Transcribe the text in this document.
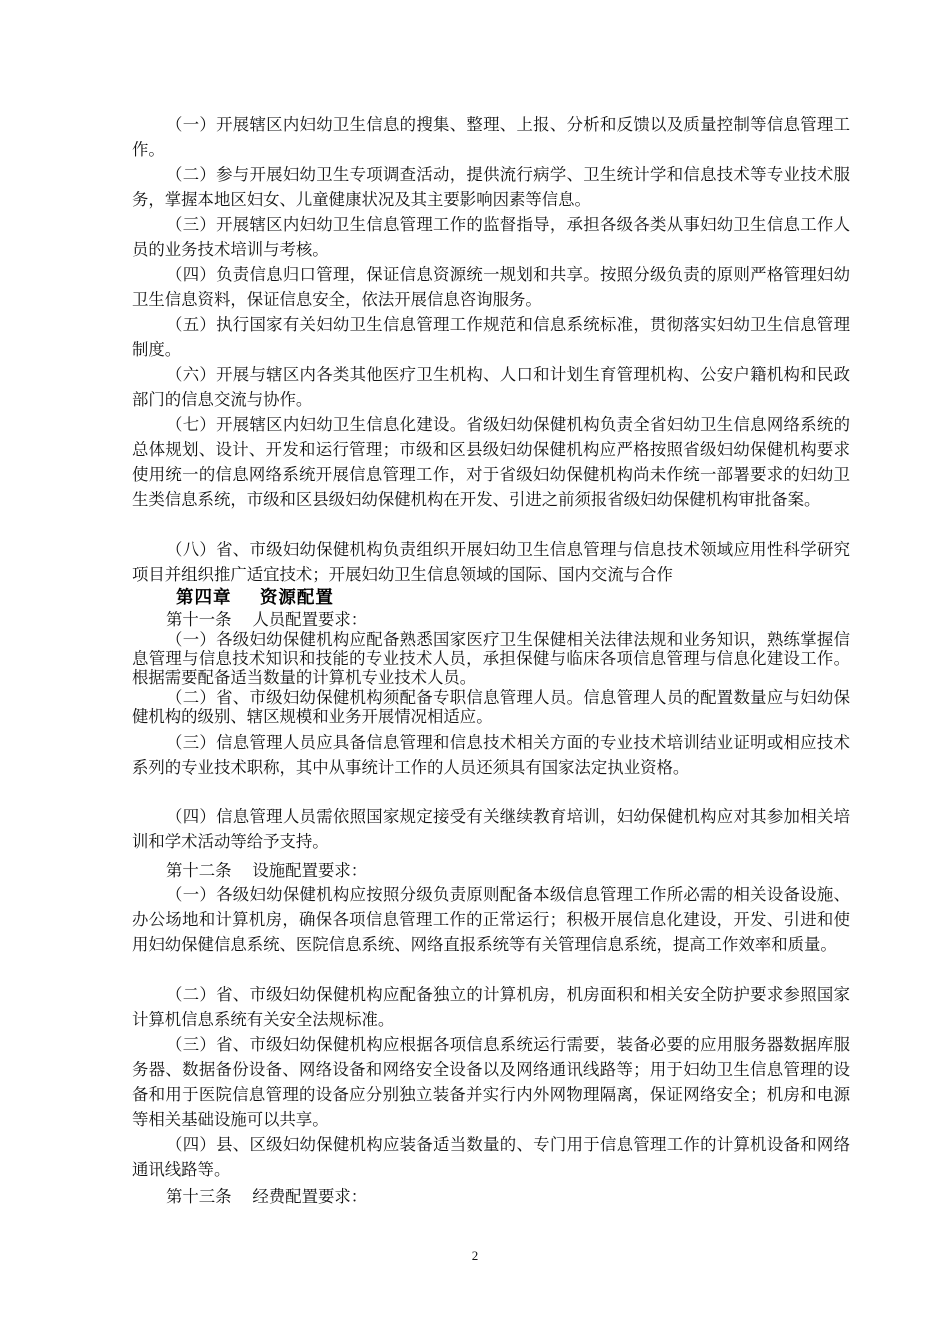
（一）开展辖区内妇幼卫生信息的搜集、整理、上报、分析和反馈以及质量控制等信息管理工作。

（二）参与开展妇幼卫生专项调查活动，提供流行病学、卫生统计学和信息技术等专业技术服务，掌握本地区妇女、儿童健康状况及其主要影响因素等信息。

（三）开展辖区内妇幼卫生信息管理工作的监督指导，承担各级各类从事妇幼卫生信息工作人员的业务技术培训与考核。

（四）负责信息归口管理，保证信息资源统一规划和共享。按照分级负责的原则严格管理妇幼卫生信息资料，保证信息安全，依法开展信息咨询服务。

（五）执行国家有关妇幼卫生信息管理工作规范和信息系统标准，贯彻落实妇幼卫生信息管理制度。

（六）开展与辖区内各类其他医疗卫生机构、人口和计划生育管理机构、公安户籍机构和民政部门的信息交流与协作。

（七）开展辖区内妇幼卫生信息化建设。省级妇幼保健机构负责全省妇幼卫生信息网络系统的总体规划、设计、开发和运行管理；市级和区县级妇幼保健机构应严格按照省级妇幼保健机构要求使用统一的信息网络系统开展信息管理工作，对于省级妇幼保健机构尚未作统一部署要求的妇幼卫生类信息系统，市级和区县级妇幼保健机构在开发、引进之前须报省级妇幼保健机构审批备案。

（八）省、市级妇幼保健机构负责组织开展妇幼卫生信息管理与信息技术领域应用性科学研究项目并组织推广适宜技术；开展妇幼卫生信息领域的国际、国内交流与合作

第四章    资源配置
第十一条    人员配置要求：

（一）各级妇幼保健机构应配备熟悉国家医疗卫生保健相关法律法规和业务知识，熟练掌握信息管理与信息技术知识和技能的专业技术人员，承担保健与临床各项信息管理与信息化建设工作。根据需要配备适当数量的计算机专业技术人员。

（二）省、市级妇幼保健机构须配备专职信息管理人员。信息管理人员的配置数量应与妇幼保健机构的级别、辖区规模和业务开展情况相适应。

（三）信息管理人员应具备信息管理和信息技术相关方面的专业技术培训结业证明或相应技术系列的专业技术职称，其中从事统计工作的人员还须具有国家法定执业资格。

（四）信息管理人员需依照国家规定接受有关继续教育培训，妇幼保健机构应对其参加相关培训和学术活动等给予支持。

第十二条    设施配置要求：

（一）各级妇幼保健机构应按照分级负责原则配备本级信息管理工作所必需的相关设备设施、办公场地和计算机房，确保各项信息管理工作的正常运行；积极开展信息化建设，开发、引进和使用妇幼保健信息系统、医院信息系统、网络直报系统等有关管理信息系统，提高工作效率和质量。

（二）省、市级妇幼保健机构应配备独立的计算机房，机房面积和相关安全防护要求参照国家计算机信息系统有关安全法规标准。

（三）省、市级妇幼保健机构应根据各项信息系统运行需要，装备必要的应用服务器数据库服务器、数据备份设备、网络设备和网络安全设备以及网络通讯线路等；用于妇幼卫生信息管理的设备和用于医院信息管理的设备应分别独立装备并实行内外网物理隔离，保证网络安全；机房和电源等相关基础设施可以共享。

（四）县、区级妇幼保健机构应装备适当数量的、专门用于信息管理工作的计算机设备和网络通讯线路等。

第十三条    经费配置要求：
2
